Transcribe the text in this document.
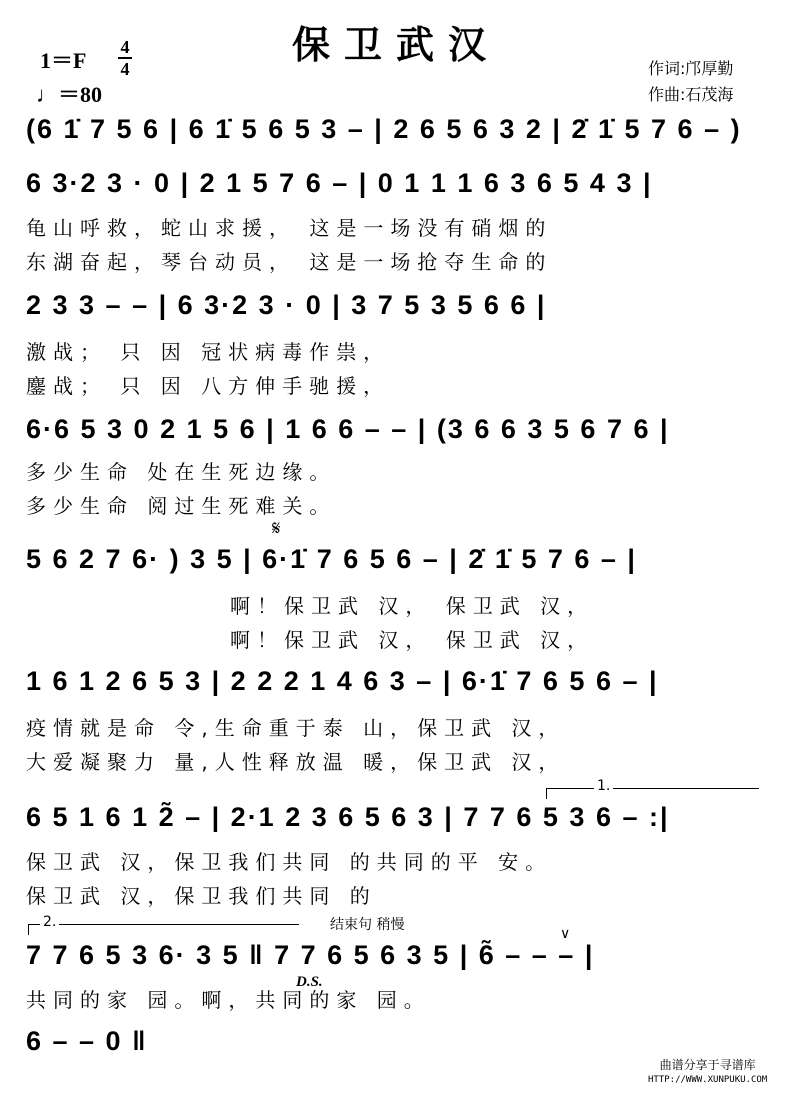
保卫武汉
1＝F
4
4
♩＝80
作词:邝厚勤
作曲:石茂海
(6 1̇ 7 5 6 | 6 1̇ 5 6 5 3 – | 2 6 5 6 3 2 | 2̇ 1̇ 5 7 6 – )
6 3·2 3 · 0 | 2 1 5 7 6 – | 0 1 1 1 6 3 6 5 4 3 |
龟山呼救，蛇山求援， 这是一场没有硝烟的
东湖奋起，琴台动员， 这是一场抢夺生命的
2 3 3 – – | 6 3·2 3 · 0 | 3 7 5 3 5 6 6 |
激战； 只 因 冠状病毒作祟，
鏖战； 只 因 八方伸手驰援，
6·6 5 3 0 2 1 5 6 | 1 6 6 – – | (3 6 6 3 5 6 7 6 |
多少生命 处在生死边缘。
多少生命 阅过生死难关。
𝄋
5 6 2 7 6· ) 3 5 | 6·1̇ 7 6 5 6 – | 2̇ 1̇ 5 7 6 – |
啊！保卫武 汉， 保卫武 汉，
啊！保卫武 汉， 保卫武 汉，
1 6 1 2 6 5 3 | 2 2 2 1 4 6 3 – | 6·1̇ 7 6 5 6 – |
疫情就是命 令,生命重于泰 山，保卫武 汉，
大爱凝聚力 量,人性释放温 暖，保卫武 汉，
1.
6 5 1 6 1 2̃ – | 2·1 2 3 6 5 6 3 | 7 7 6 5 3 6 – :|
保卫武 汉，保卫我们共同 的共同的平 安。
保卫武 汉，保卫我们共同 的
2.	结束句 稍慢
∨
7 7 6 5 3 6· 3 5 ‖ 7 7 6 5 6 3 5 | 6̃ – – – |
D.S.
共同的家 园。啊，共同的家 园。
6 – – 0 ‖
曲谱分享于寻谱库
HTTP://WWW.XUNPUKU.COM
